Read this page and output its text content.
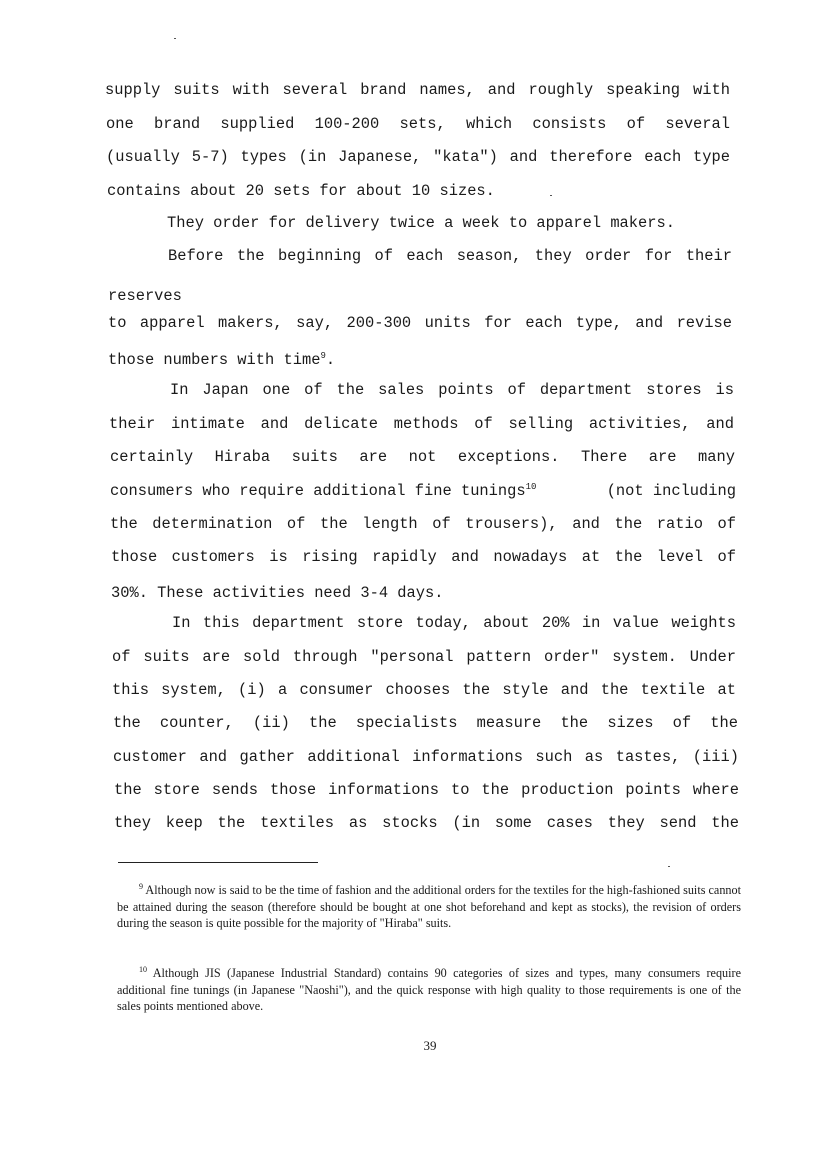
supply suits with several brand names, and roughly speaking with
one brand supplied 100-200 sets, which consists of several
(usually 5-7) types (in Japanese, "kata") and therefore each type
contains about 20 sets for about 10 sizes.
They order for delivery twice a week to apparel makers.
Before the beginning of each season, they order for their
reserves
to apparel makers, say, 200-300 units for each type, and revise
those numbers with time$^9$.
In Japan one of the sales points of department stores is
their intimate and delicate methods of selling activities, and
certainly Hiraba suits are not exceptions. There are many
consumers who require additional fine tunings$^{10}$	(not including
the determination of the length of trousers), and the ratio of
those customers is rising rapidly and nowadays at the level of
30%. These activities need 3-4 days.
In this department store today, about 20% in value weights
of suits are sold through "personal pattern order" system. Under
this system, (i) a consumer chooses the style and the textile at
the counter, (ii) the specialists measure the sizes of the
customer and gather additional informations such as tastes, (iii)
the store sends those informations to the production points where
they keep the textiles as stocks (in some cases they send the
$^9$ Although now is said to be the time of fashion and the additional orders for the textiles for the high-fashioned suits cannot be attained during the season (therefore should be bought at one shot beforehand and kept as stocks), the revision of orders during the season is quite possible for the majority of "Hiraba" suits.
$^{10}$ Although JIS (Japanese Industrial Standard) contains 90 categories of sizes and types, many consumers require additional fine tunings (in Japanese "Naoshi"), and the quick response with high quality to those requirements is one of the sales points mentioned above.
39
